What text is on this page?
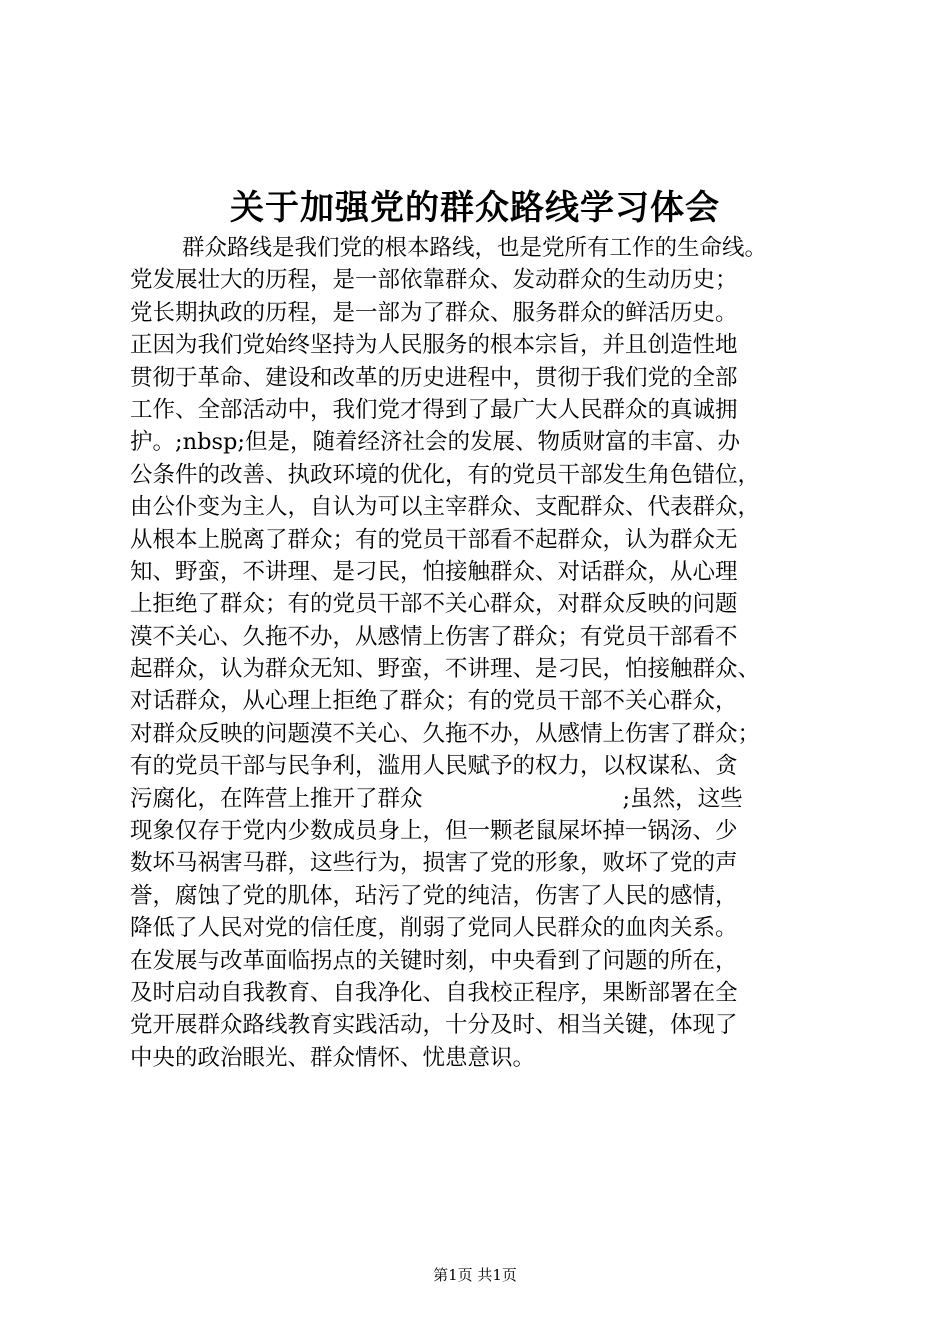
关于加强党的群众路线学习体会
群众路线是我们党的根本路线，也是党所有工作的生命线。
党发展壮大的历程，是一部依靠群众、发动群众的生动历史；
党长期执政的历程，是一部为了群众、服务群众的鲜活历史。
正因为我们党始终坚持为人民服务的根本宗旨，并且创造性地
贯彻于革命、建设和改革的历史进程中，贯彻于我们党的全部
工作、全部活动中，我们党才得到了最广大人民群众的真诚拥
护。;nbsp;但是，随着经济社会的发展、物质财富的丰富、办
公条件的改善、执政环境的优化，有的党员干部发生角色错位，
由公仆变为主人，自认为可以主宰群众、支配群众、代表群众，
从根本上脱离了群众；有的党员干部看不起群众，认为群众无
知、野蛮，不讲理、是刁民，怕接触群众、对话群众，从心理
上拒绝了群众；有的党员干部不关心群众，对群众反映的问题
漠不关心、久拖不办，从感情上伤害了群众；有党员干部看不
起群众，认为群众无知、野蛮，不讲理、是刁民，怕接触群众、
对话群众，从心理上拒绝了群众；有的党员干部不关心群众，
对群众反映的问题漠不关心、久拖不办，从感情上伤害了群众；
有的党员干部与民争利，滥用人民赋予的权力，以权谋私、贪
污腐化，在阵营上推开了群众	;虽然，这些
现象仅存于党内少数成员身上，但一颗老鼠屎坏掉一锅汤、少
数坏马祸害马群，这些行为，损害了党的形象，败坏了党的声
誉，腐蚀了党的肌体，玷污了党的纯洁，伤害了人民的感情，
降低了人民对党的信任度，削弱了党同人民群众的血肉关系。
在发展与改革面临拐点的关键时刻，中央看到了问题的所在，
及时启动自我教育、自我净化、自我校正程序，果断部署在全
党开展群众路线教育实践活动，十分及时、相当关键，体现了
中央的政治眼光、群众情怀、忧患意识。
第1页 共1页
